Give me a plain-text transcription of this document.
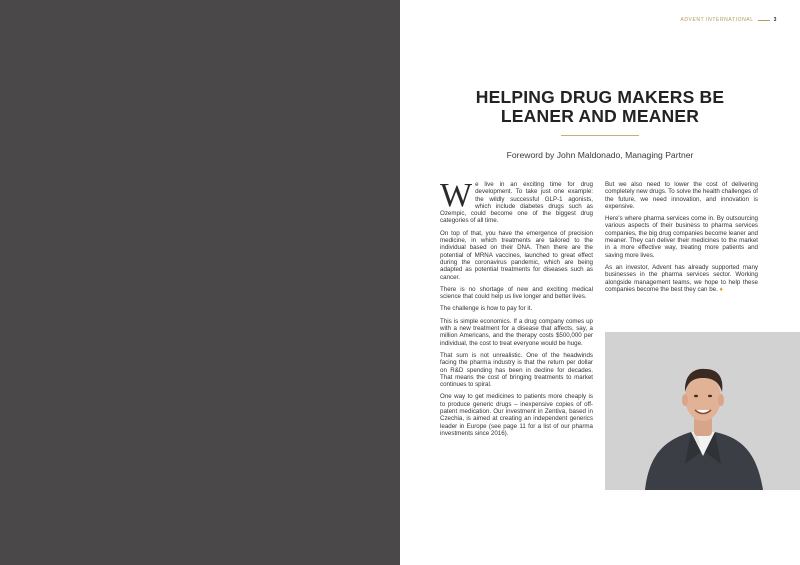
ADVENT INTERNATIONAL	3
HELPING DRUG MAKERS BE
LEANER AND MEANER
Foreword by John Maldonado, Managing Partner

We live in an exciting time for drug development. To take just one example: the wildly successful GLP-1 agonists, which include diabetes drugs such as Ozempic, could become one of the biggest drug categories of all time.

On top of that, you have the emergence of precision medicine, in which treatments are tailored to the individual based on their DNA. Then there are the potential of MRNA vaccines, launched to great effect during the coronavirus pandemic, which are being adapted as potential treatments for diseases such as cancer.

There is no shortage of new and exciting medical science that could help us live longer and better lives.

The challenge is how to pay for it.

This is simple economics. If a drug company comes up with a new treatment for a disease that affects, say, a million Americans, and the therapy costs $500,000 per individual, the cost to treat everyone would be huge.

That sum is not unrealistic. One of the headwinds facing the pharma industry is that the return per dollar on R&D spending has been in decline for decades. That means the cost of bringing treatments to market continues to spiral.

One way to get medicines to patients more cheaply is to produce generic drugs – inexpensive copies of off-patent medication. Our investment in Zentiva, based in Czechia, is aimed at creating an independent generics leader in Europe (see page 11 for a list of our pharma investments since 2016).

But we also need to lower the cost of delivering completely new drugs. To solve the health challenges of the future, we need innovation, and innovation is expensive.

Here's where pharma services come in. By outsourcing various aspects of their business to pharma services companies, the big drug companies become leaner and meaner. They can deliver their medicines to the market in a more effective way, treating more patients and saving more lives.

As an investor, Advent has already supported many businesses in the pharma services sector. Working alongside management teams, we hope to help these companies become the best they can be. ♦
